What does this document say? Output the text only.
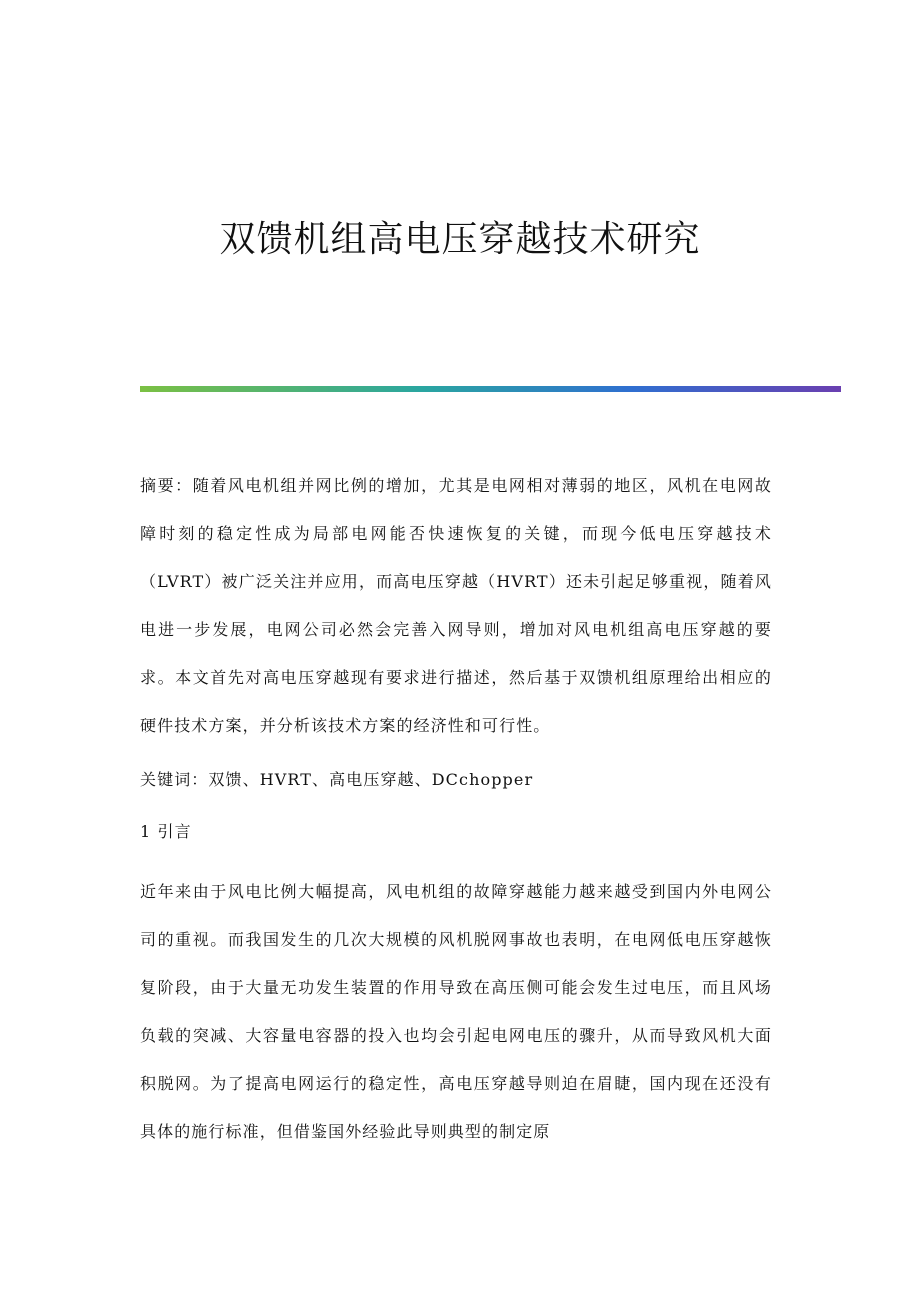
双馈机组高电压穿越技术研究

摘要：随着风电机组并网比例的增加，尤其是电网相对薄弱的地区，风机在电网故障时刻的稳定性成为局部电网能否快速恢复的关键，而现今低电压穿越技术（LVRT）被广泛关注并应用，而高电压穿越（HVRT）还未引起足够重视，随着风电进一步发展，电网公司必然会完善入网导则，增加对风电机组高电压穿越的要求。本文首先对高电压穿越现有要求进行描述，然后基于双馈机组原理给出相应的硬件技术方案，并分析该技术方案的经济性和可行性。

关键词：双馈、HVRT、高电压穿越、DCchopper

1 引言

近年来由于风电比例大幅提高，风电机组的故障穿越能力越来越受到国内外电网公司的重视。而我国发生的几次大规模的风机脱网事故也表明，在电网低电压穿越恢复阶段，由于大量无功发生装置的作用导致在高压侧可能会发生过电压，而且风场负载的突减、大容量电容器的投入也均会引起电网电压的骤升，从而导致风机大面积脱网。为了提高电网运行的稳定性，高电压穿越导则迫在眉睫，国内现在还没有具体的施行标准，但借鉴国外经验此导则典型的制定原
